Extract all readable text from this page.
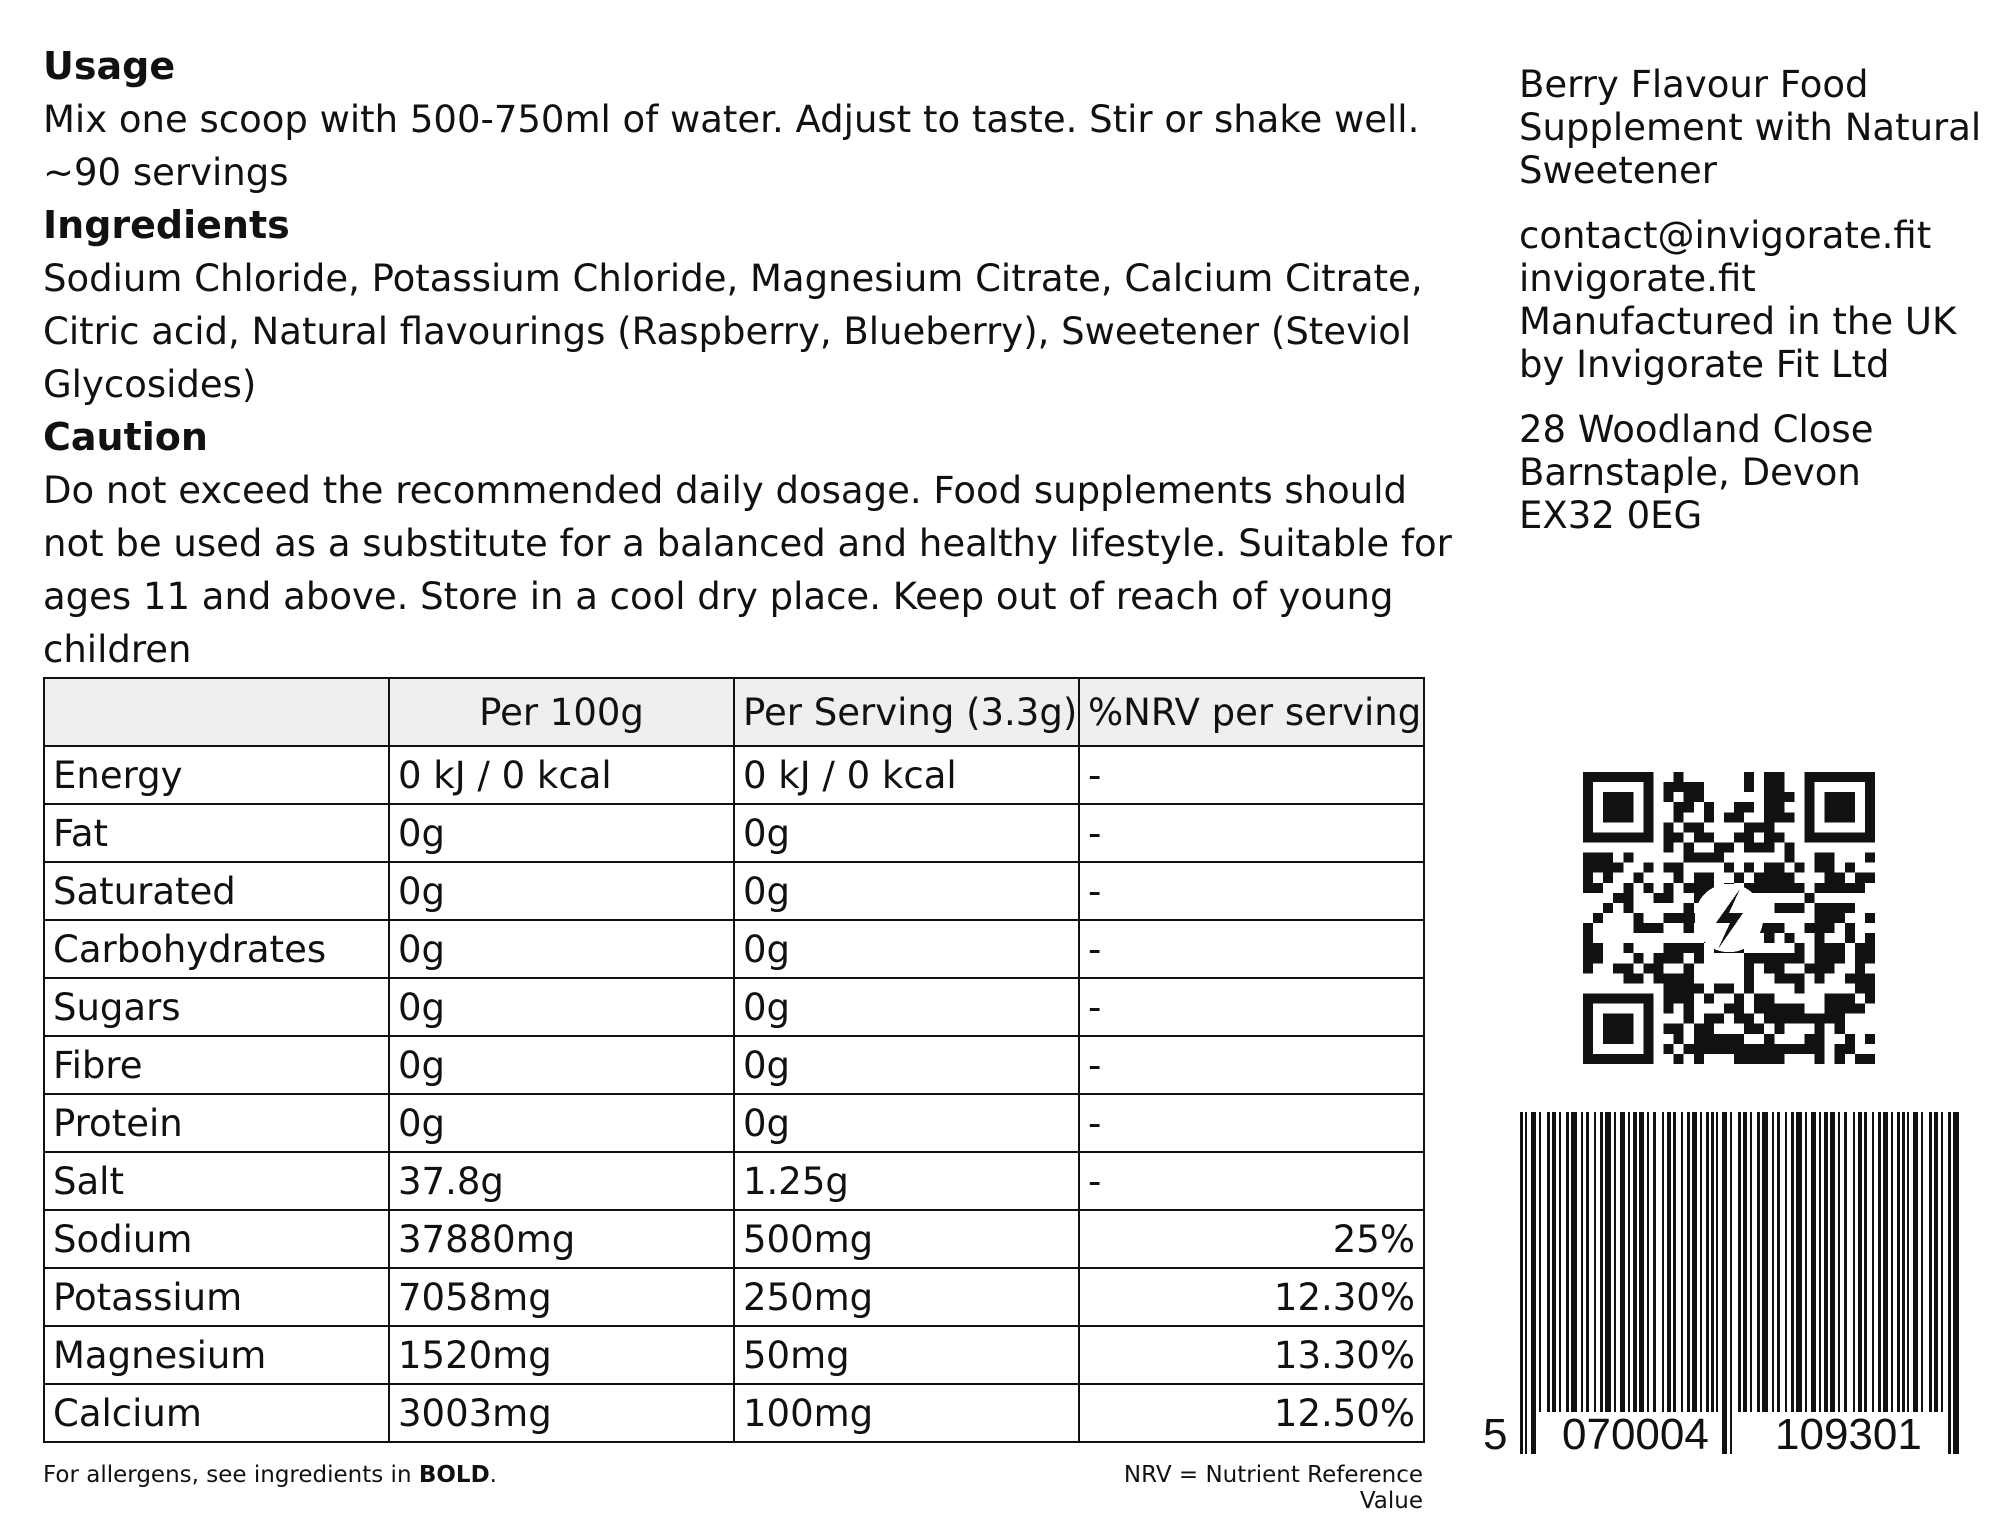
Usage

Mix one scoop with 500-750ml of water. Adjust to taste. Stir or shake well.

~90 servings

Ingredients

Sodium Chloride, Potassium Chloride, Magnesium Citrate, Calcium Citrate, Citric acid, Natural flavourings (Raspberry, Blueberry), Sweetener (Steviol Glycosides)

Caution

Do not exceed the recommended daily dosage. Food supplements should not be used as a substitute for a balanced and healthy lifestyle. Suitable for ages 11 and above. Store in a cool dry place. Keep out of reach of young children

	Per 100g	Per Serving (3.3g)	%NRV per serving
Energy	0 kJ / 0 kcal	0 kJ / 0 kcal	-
Fat	0g	0g	-
Saturated	0g	0g	-
Carbohydrates	0g	0g	-
Sugars	0g	0g	-
Fibre	0g	0g	-
Protein	0g	0g	-
Salt	37.8g	1.25g	-
Sodium	37880mg	500mg	25%
Potassium	7058mg	250mg	12.30%
Magnesium	1520mg	50mg	13.30%
Calcium	3003mg	100mg	12.50%
For allergens, see ingredients in BOLD.	NRV = Nutrient Reference Value
Berry Flavour Food
Supplement with Natural
Sweetener
contact@invigorate.fit
invigorate.fit
Manufactured in the UK
by Invigorate Fit Ltd
28 Woodland Close
Barnstaple, Devon
EX32 0EG
5 070004 109301
